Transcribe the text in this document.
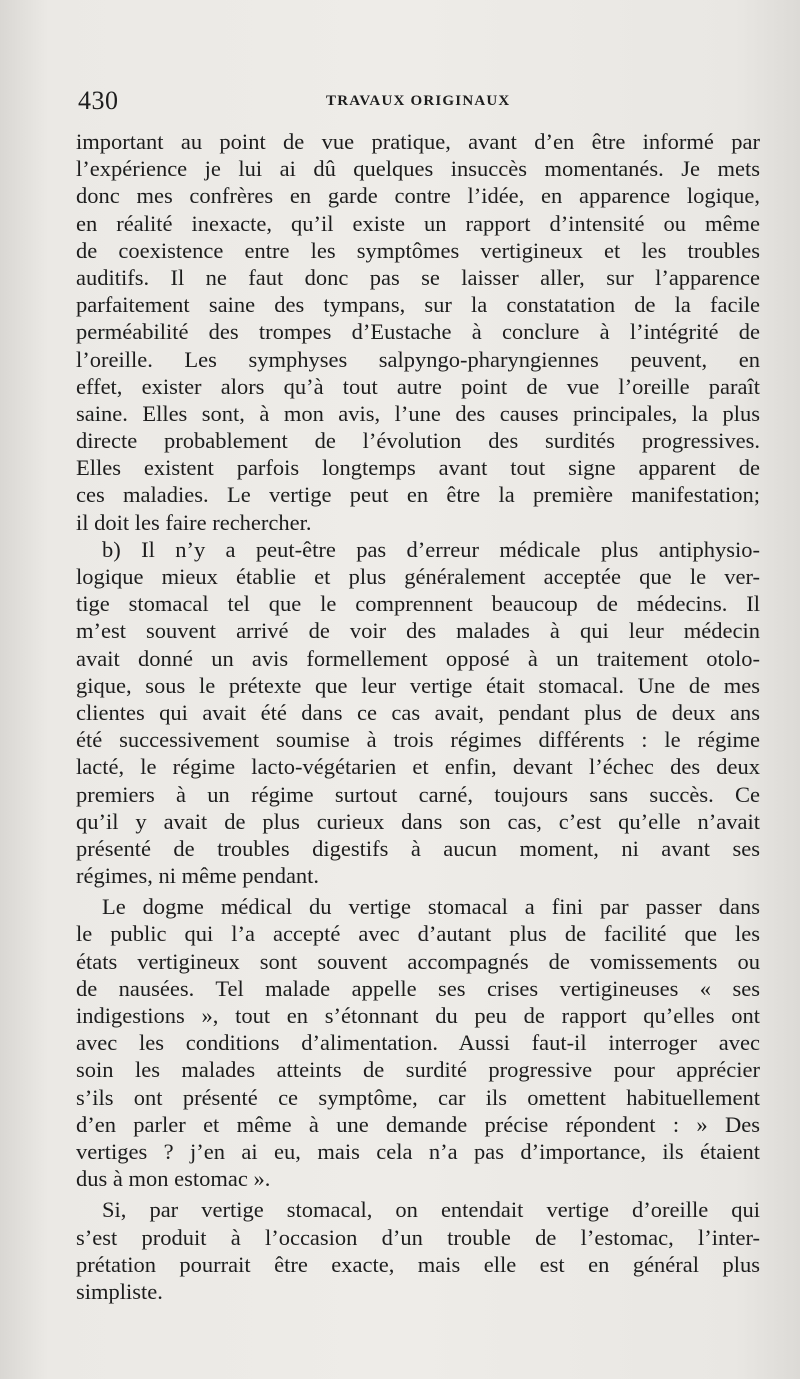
430	TRAVAUX ORIGINAUX
important au point de vue pratique, avant d’en être informé par
l’expérience je lui ai dû quelques insuccès momentanés. Je mets
donc mes confrères en garde contre l’idée, en apparence logique,
en réalité inexacte, qu’il existe un rapport d’intensité ou même
de coexistence entre les symptômes vertigineux et les troubles
auditifs. Il ne faut donc pas se laisser aller, sur l’apparence
parfaitement saine des tympans, sur la constatation de la facile
perméabilité des trompes d’Eustache à conclure à l’intégrité de
l’oreille. Les symphyses salpyngo-pharyngiennes peuvent, en
effet, exister alors qu’à tout autre point de vue l’oreille paraît
saine. Elles sont, à mon avis, l’une des causes principales, la plus
directe probablement de l’évolution des surdités progressives.
Elles existent parfois longtemps avant tout signe apparent de
ces maladies. Le vertige peut en être la première manifestation;
il doit les faire rechercher.
b) Il n’y a peut-être pas d’erreur médicale plus antiphysio-
logique mieux établie et plus généralement acceptée que le ver-
tige stomacal tel que le comprennent beaucoup de médecins. Il
m’est souvent arrivé de voir des malades à qui leur médecin
avait donné un avis formellement opposé à un traitement otolo-
gique, sous le prétexte que leur vertige était stomacal. Une de mes
clientes qui avait été dans ce cas avait, pendant plus de deux ans
été successivement soumise à trois régimes différents : le régime
lacté, le régime lacto-végétarien et enfin, devant l’échec des deux
premiers à un régime surtout carné, toujours sans succès. Ce
qu’il y avait de plus curieux dans son cas, c’est qu’elle n’avait
présenté de troubles digestifs à aucun moment, ni avant ses
régimes, ni même pendant.
Le dogme médical du vertige stomacal a fini par passer dans
le public qui l’a accepté avec d’autant plus de facilité que les
états vertigineux sont souvent accompagnés de vomissements ou
de nausées. Tel malade appelle ses crises vertigineuses « ses
indigestions », tout en s’étonnant du peu de rapport qu’elles ont
avec les conditions d’alimentation. Aussi faut-il interroger avec
soin les malades atteints de surdité progressive pour apprécier
s’ils ont présenté ce symptôme, car ils omettent habituellement
d’en parler et même à une demande précise répondent : » Des
vertiges ? j’en ai eu, mais cela n’a pas d’importance, ils étaient
dus à mon estomac ».
Si, par vertige stomacal, on entendait vertige d’oreille qui
s’est produit à l’occasion d’un trouble de l’estomac, l’inter-
prétation pourrait être exacte, mais elle est en général plus
simpliste.
